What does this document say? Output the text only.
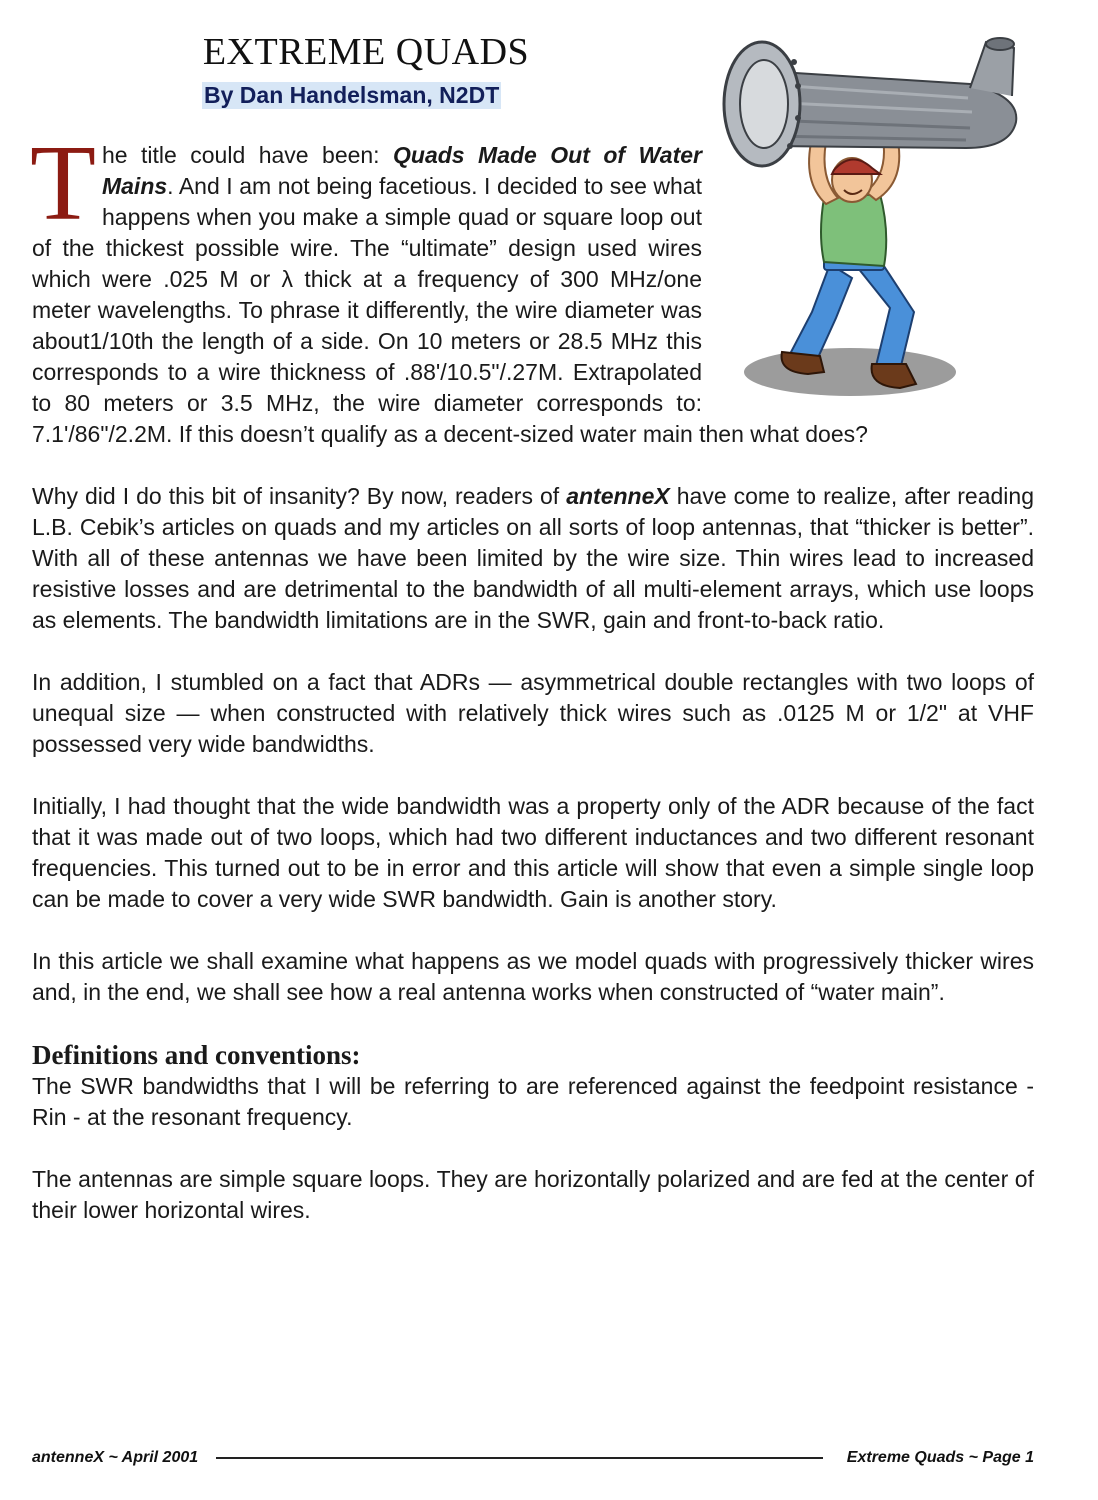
EXTREME QUADS
By Dan Handelsman, N2DT

The title could have been: Quads Made Out of Water Mains. And I am not being facetious. I decided to see what happens when you make a simple quad or square loop out of the thickest possible wire. The “ultimate” design used wires which were .025 M or λ thick at a frequency of 300 MHz/one meter wavelengths. To phrase it differently, the wire diameter was about1/10th the length of a side. On 10 meters or 28.5 MHz this corresponds to a wire thickness of .88'/10.5"/.27M. Extrapolated to 80 meters or 3.5 MHz, the wire diameter corresponds to: 7.1'/86"/2.2M. If this doesn’t qualify as a decent-sized water main then what does?

Why did I do this bit of insanity? By now, readers of antenneX have come to realize, after reading L.B. Cebik’s articles on quads and my articles on all sorts of loop antennas, that “thicker is better”. With all of these antennas we have been limited by the wire size. Thin wires lead to increased resistive losses and are detrimental to the bandwidth of all multi-element arrays, which use loops as elements. The bandwidth limitations are in the SWR, gain and front-to-back ratio.

In addition, I stumbled on a fact that ADRs — asymmetrical double rectangles with two loops of unequal size — when constructed with relatively thick wires such as .0125 M or 1/2" at VHF possessed very wide bandwidths.

Initially, I had thought that the wide bandwidth was a property only of the ADR because of the fact that it was made out of two loops, which had two different inductances and two different resonant frequencies. This turned out to be in error and this article will show that even a simple single loop can be made to cover a very wide SWR bandwidth. Gain is another story.

In this article we shall examine what happens as we model quads with progressively thicker wires and, in the end, we shall see how a real antenna works when constructed of “water main”.

Definitions and conventions:

The SWR bandwidths that I will be referring to are referenced against the feedpoint resistance - Rin - at the resonant frequency.

The antennas are simple square loops. They are horizontally polarized and are fed at the center of their lower horizontal wires.

antenneX ~ April 2001	Extreme Quads ~ Page 1
